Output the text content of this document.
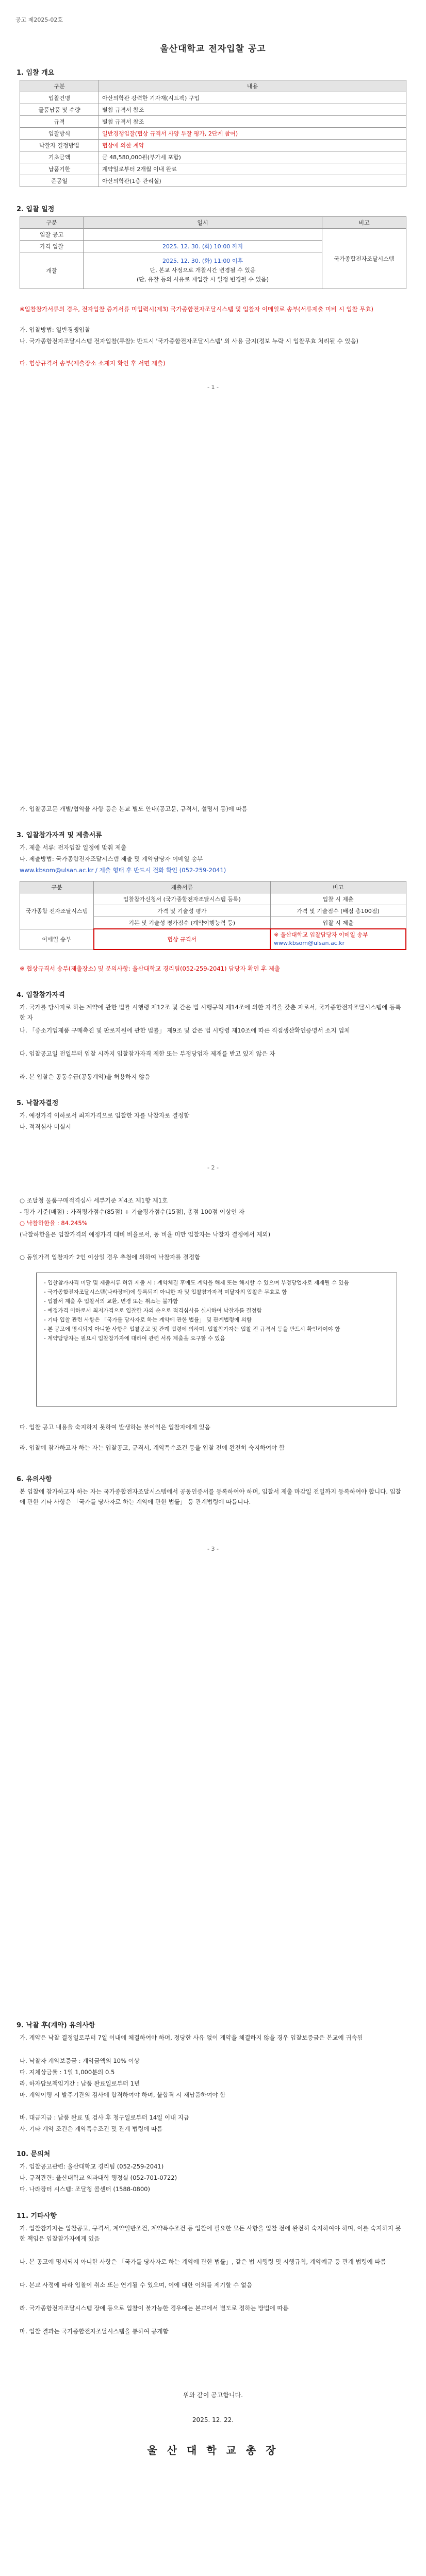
공고 제2025-02호
울산대학교 전자입찰 공고
1. 입찰 개요
구분	내용
입찰건명	아산의학관 강력한 기자재(시트팩) 구입
물품납품 및 수량	별첨 규격서 참조
규격	별첨 규격서 참조
입찰방식	일반경쟁입찰(협상 규격서 사양 투찰 평가, 2단계 참여)
낙찰자 결정방법	협상에 의한 계약
기초금액	금 48,580,000원(부가세 포함)
납품기한	계약일로부터 2개월 이내 완료
준공일	아산의학관(1층 관리실)
2. 입찰 일정
구분	일시	비고
입찰 공고		국가종합전자조달시스템
가격 입찰	2025. 12. 30. (화) 10:00 까지	
개찰	2025. 12. 30. (화) 11:00 이후
단, 본교 사정으로 개찰시간 변경될 수 있음
(단, 유찰 등의 사유로 재입찰 시 일정 변경될 수 있음)	
※입찰참가서류의 경우, 전자입찰 증거서류 미입력시(제3) 국가종합전자조달시스템 및 입찰자 이메일로 송부(서류제출 미비 시 입찰 무효)
가. 입찰방법: 일반경쟁입찰
나. 국가종합전자조달시스템 전자입찰(투찰): 반드시 '국가종합전자조달시스템' 외 사용 금지(정보 누락 시 입찰무효 처리될 수 있음)
다. 협상규격서 송부(제출장소 소재지 확인 후 서면 제출)
- 1 -
가. 입찰공고문 개별/협약율 사항 등은 본교 별도 안내(공고문, 규격서, 설명서 등)에 따름
3. 입찰참가자격 및 제출서류
가. 제출 서류: 전자입찰 일정에 맞춰 제출
나. 제출방법: 국가종합전자조달시스템 제출 및 계약담당자 이메일 송부
www.kbsom@ulsan.ac.kr / 제출 형태 후 반드시 전화 확인 (052-259-2041)
구분	제출서류	비고
국가종합 전자조달시스템	입찰참가신청서 (국가종합전자조달시스템 등록)	입찰 시 제출
	가격 및 기술성 평가	가격 및 기술점수 (배점 총100점)
	기본 및 기술성 평가점수 (계약이행능력 등)	입찰 시 제출
이메일 송부	협상 규격서	※ 울산대학교 입찰담당자 이메일 송부
www.kbsom@ulsan.ac.kr
※ 협상규격서 송부(제출장소) 및 문의사항: 울산대학교 경리팀(052-259-2041) 담당자 확인 후 제출
4. 입찰참가자격
가. 국가를 당사자로 하는 계약에 관한 법률 시행령 제12조 및 같은 법 시행규칙 제14조에 의한 자격을 갖춘 자로서, 국가종합전자조달시스템에 등록한 자
나. 「중소기업제품 구매촉진 및 판로지원에 관한 법률」 제9조 및 같은 법 시행령 제10조에 따른 직접생산확인증명서 소지 업체
다. 입찰공고일 전일부터 입찰 시까지 입찰참가자격 제한 또는 부정당업자 제재를 받고 있지 않은 자
라. 본 입찰은 공동수급(공동계약)을 허용하지 않음
5. 낙찰자결정
가. 예정가격 이하로서 최저가격으로 입찰한 자를 낙찰자로 결정함
나. 적격심사 미실시
- 2 -
○ 조달청 물품구매적격심사 세부기준 제4조 제1항 제1호
- 평가 기준(배점) : 가격평가점수(85점) + 기술평가점수(15점), 총점 100점 이상인 자
○ 낙찰하한율 : 84.245%
(낙찰하한율은 입찰가격의 예정가격 대비 비율로서, 동 비율 미만 입찰자는 낙찰자 결정에서 제외)
○ 동일가격 입찰자가 2인 이상일 경우 추첨에 의하여 낙찰자를 결정함
- 입찰참가자격 미달 및 제출서류 허위 제출 시 : 계약체결 후에도 계약을 해제 또는 해지할 수 있으며 부정당업자로 제재될 수 있음
- 국가종합전자조달시스템(나라장터)에 등록되지 아니한 자 및 입찰참가자격 미달자의 입찰은 무효로 함
- 입찰서 제출 후 입찰서의 교환, 변경 또는 취소는 불가함
- 예정가격 이하로서 최저가격으로 입찰한 자의 순으로 적격심사를 실시하여 낙찰자를 결정함
- 기타 입찰 관련 사항은 「국가를 당사자로 하는 계약에 관한 법률」 및 관계법령에 의함
- 본 공고에 명시되지 아니한 사항은 입찰공고 및 관계 법령에 의하며, 입찰참가자는 입찰 전 규격서 등을 반드시 확인하여야 함
- 계약담당자는 필요시 입찰참가자에 대하여 관련 서류 제출을 요구할 수 있음
다. 입찰 공고 내용을 숙지하지 못하여 발생하는 불이익은 입찰자에게 있음
라. 입찰에 참가하고자 하는 자는 입찰공고, 규격서, 계약특수조건 등을 입찰 전에 완전히 숙지하여야 함
6. 유의사항
본 입찰에 참가하고자 하는 자는 국가종합전자조달시스템에서 공동인증서를 등록하여야 하며, 입찰서 제출 마감일 전일까지 등록하여야 합니다. 입찰에 관한 기타 사항은 「국가를 당사자로 하는 계약에 관한 법률」 등 관계법령에 따릅니다.
- 3 -
9. 낙찰 후(계약) 유의사항
가. 계약은 낙찰 결정일로부터 7일 이내에 체결하여야 하며, 정당한 사유 없이 계약을 체결하지 않을 경우 입찰보증금은 본교에 귀속됨
나. 낙찰자 계약보증금 : 계약금액의 10% 이상
다. 지체상금률 : 1일 1,000분의 0.5
라. 하자담보책임기간 : 납품 완료일로부터 1년
마. 계약이행 시 발주기관의 검사에 합격하여야 하며, 불합격 시 재납품하여야 함
바. 대금지급 : 납품 완료 및 검사 후 청구일로부터 14일 이내 지급
사. 기타 계약 조건은 계약특수조건 및 관계 법령에 따름
10. 문의처
가. 입찰공고관련: 울산대학교 경리팀 (052-259-2041)
나. 규격관련: 울산대학교 의과대학 행정실 (052-701-0722)
다. 나라장터 시스템: 조달청 콜센터 (1588-0800)
11. 기타사항
가. 입찰참가자는 입찰공고, 규격서, 계약일반조건, 계약특수조건 등 입찰에 필요한 모든 사항을 입찰 전에 완전히 숙지하여야 하며, 이를 숙지하지 못한 책임은 입찰참가자에게 있음
나. 본 공고에 명시되지 아니한 사항은 「국가를 당사자로 하는 계약에 관한 법률」, 같은 법 시행령 및 시행규칙, 계약예규 등 관계 법령에 따름
다. 본교 사정에 따라 입찰이 취소 또는 연기될 수 있으며, 이에 대한 이의를 제기할 수 없음
라. 국가종합전자조달시스템 장애 등으로 입찰이 불가능한 경우에는 본교에서 별도로 정하는 방법에 따름
마. 입찰 결과는 국가종합전자조달시스템을 통하여 공개함
위와 같이 공고합니다.
2025. 12. 22.
울 산 대 학 교 총 장
